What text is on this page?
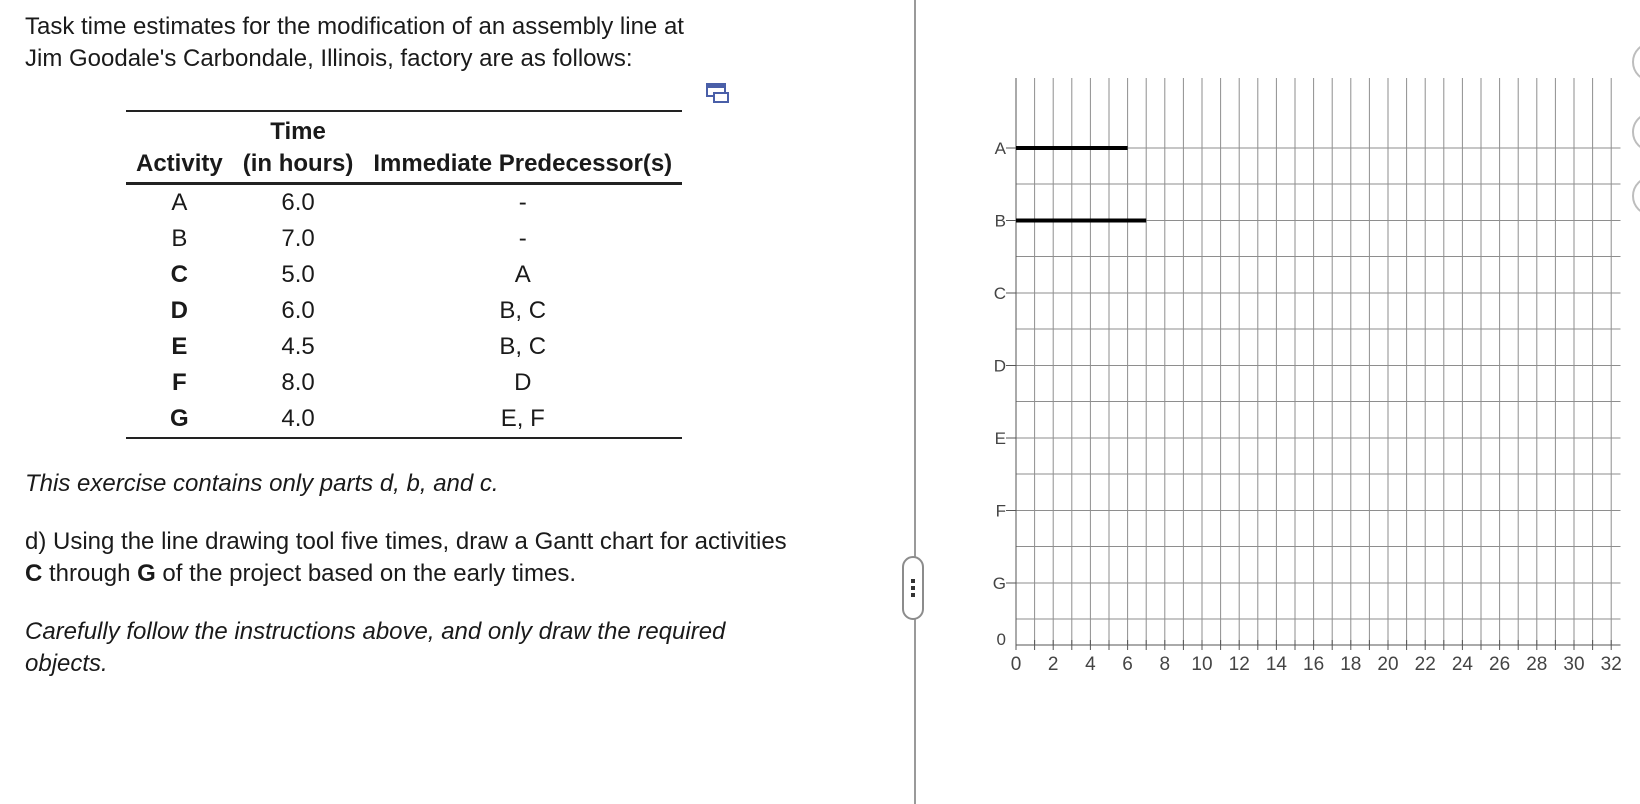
Task time estimates for the modification of an assembly line at
Jim Goodale's Carbondale, Illinois, factory are as follows:

	Time	
Activity	(in hours)	Immediate Predecessor(s)
A	6.0	-
B	7.0	-
C	5.0	A
D	6.0	B, C
E	4.5	B, C
F	8.0	D
G	4.0	E, F

This exercise contains only parts d, b, and c.

d) Using the line drawing tool five times, draw a Gantt chart for activities
C through G of the project based on the early times.

Carefully follow the instructions above, and only draw the required
objects.

A
B
C
D
E
F
G
0
0 2 4 6 8 10 12 14 16 18 20 22 24 26 28 30 32
